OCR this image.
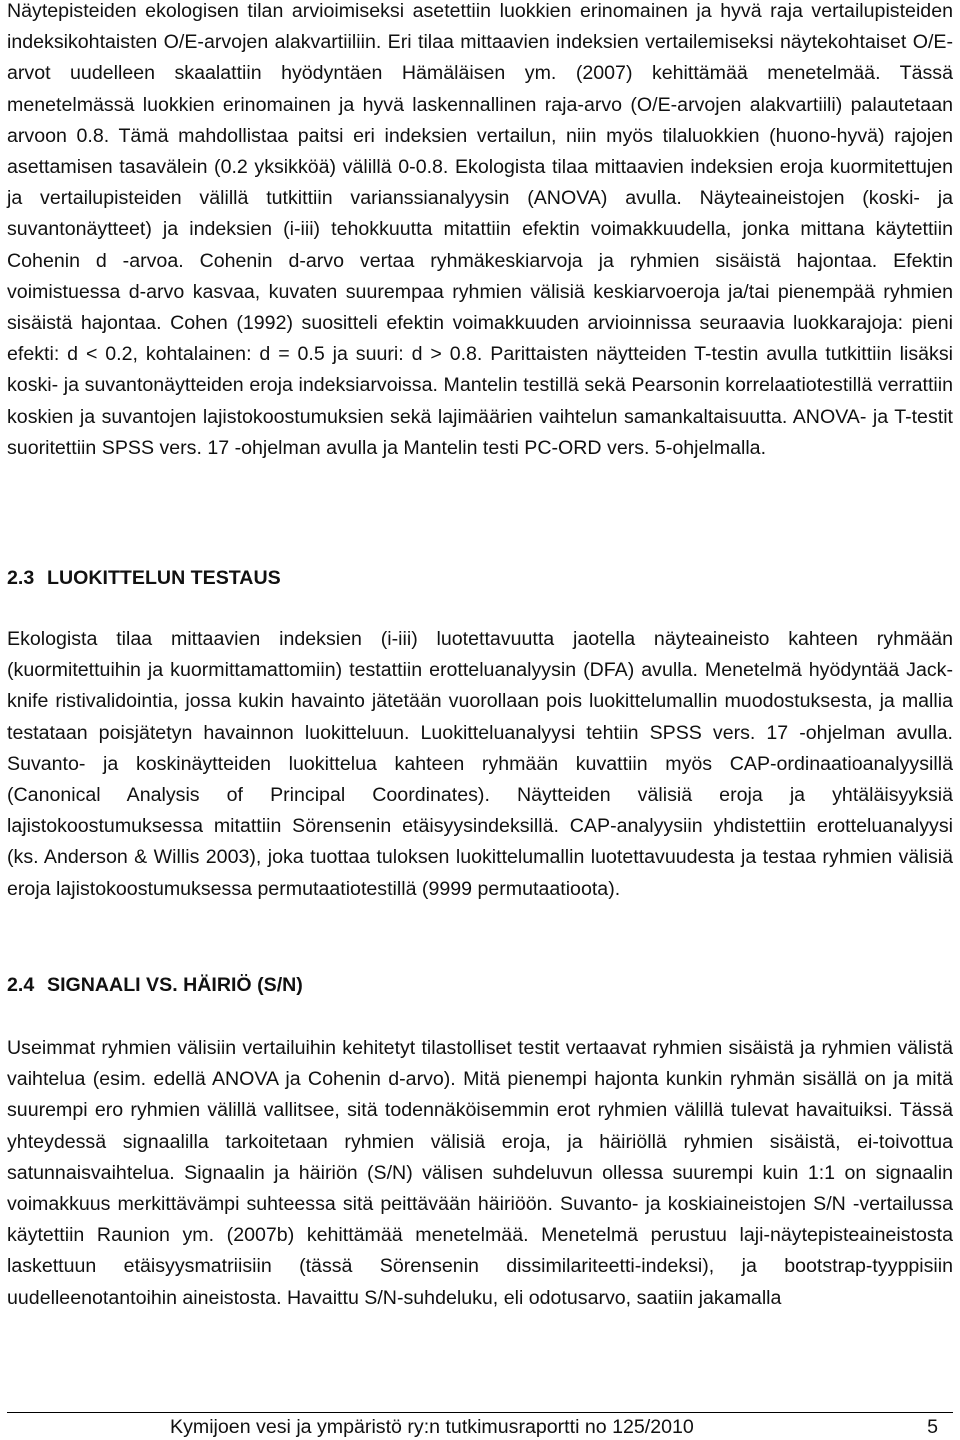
Näytepisteiden ekologisen tilan arvioimiseksi asetettiin luokkien erinomainen ja hyvä raja vertailupisteiden indeksikohtaisten O/E-arvojen alakvartiiliin. Eri tilaa mittaavien indeksien vertailemiseksi näytekohtaiset O/E-arvot uudelleen skaalattiin hyödyntäen Hämäläisen ym. (2007) kehittämää menetelmää. Tässä menetelmässä luokkien erinomainen ja hyvä laskennallinen raja-arvo (O/E-arvojen alakvartiili) palautetaan arvoon 0.8. Tämä mahdollistaa paitsi eri indeksien vertailun, niin myös tilaluokkien (huono-hyvä) rajojen asettamisen tasavälein (0.2 yksikköä) välillä 0-0.8. Ekologista tilaa mittaavien indeksien eroja kuormitettujen ja vertailupisteiden välillä tutkittiin varianssianalyysin (ANOVA) avulla. Näyteaineistojen (koski- ja suvantonäytteet) ja indeksien (i-iii) tehokkuutta mitattiin efektin voimakkuudella, jonka mittana käytettiin Cohenin d -arvoa. Cohenin d-arvo vertaa ryhmäkeskiarvoja ja ryhmien sisäistä hajontaa. Efektin voimistuessa d-arvo kasvaa, kuvaten suurempaa ryhmien välisiä keskiarvoeroja ja/tai pienempää ryhmien sisäistä hajontaa. Cohen (1992) suositteli efektin voimakkuuden arvioinnissa seuraavia luokkarajoja: pieni efekti: d < 0.2, kohtalainen: d = 0.5 ja suuri: d > 0.8. Parittaisten näytteiden T-testin avulla tutkittiin lisäksi koski- ja suvantonäytteiden eroja indeksiarvoissa. Mantelin testillä sekä Pearsonin korrelaatiotestillä verrattiin koskien ja suvantojen lajistokoostumuksien sekä lajimäärien vaihtelun samankaltaisuutta. ANOVA- ja T-testit suoritettiin SPSS vers. 17 -ohjelman avulla ja Mantelin testi PC-ORD vers. 5-ohjelmalla.

2.3 LUOKITTELUN TESTAUS

Ekologista tilaa mittaavien indeksien (i-iii) luotettavuutta jaotella näyteaineisto kahteen ryhmään (kuormitettuihin ja kuormittamattomiin) testattiin erotteluanalyysin (DFA) avulla. Menetelmä hyödyntää Jack-knife ristivalidointia, jossa kukin havainto jätetään vuorollaan pois luokittelumallin muodostuksesta, ja mallia testataan poisjätetyn havainnon luokitteluun. Luokitteluanalyysi tehtiin SPSS vers. 17 -ohjelman avulla. Suvanto- ja koskinäytteiden luokittelua kahteen ryhmään kuvattiin myös CAP-ordinaatioanalyysillä (Canonical Analysis of Principal Coordinates). Näytteiden välisiä eroja ja yhtäläisyyksiä lajistokoostumuksessa mitattiin Sörensenin etäisyysindeksillä. CAP-analyysiin yhdistettiin erotteluanalyysi (ks. Anderson & Willis 2003), joka tuottaa tuloksen luokittelumallin luotettavuudesta ja testaa ryhmien välisiä eroja lajistokoostumuksessa permutaatiotestillä (9999 permutaatioota).

2.4 SIGNAALI VS. HÄIRIÖ (S/N)

Useimmat ryhmien välisiin vertailuihin kehitetyt tilastolliset testit vertaavat ryhmien sisäistä ja ryhmien välistä vaihtelua (esim. edellä ANOVA ja Cohenin d-arvo). Mitä pienempi hajonta kunkin ryhmän sisällä on ja mitä suurempi ero ryhmien välillä vallitsee, sitä todennäköisemmin erot ryhmien välillä tulevat havaituiksi. Tässä yhteydessä signaalilla tarkoitetaan ryhmien välisiä eroja, ja häiriöllä ryhmien sisäistä, ei-toivottua satunnaisvaihtelua. Signaalin ja häiriön (S/N) välisen suhdeluvun ollessa suurempi kuin 1:1 on signaalin voimakkuus merkittävämpi suhteessa sitä peittävään häiriöön. Suvanto- ja koskiaineistojen S/N -vertailussa käytettiin Raunion ym. (2007b) kehittämää menetelmää. Menetelmä perustuu laji-näytepisteaineistosta laskettuun etäisyysmatriisiin (tässä Sörensenin dissimilariteetti-indeksi), ja bootstrap-tyyppisiin uudelleenotantoihin aineistosta. Havaittu S/N-suhdeluku, eli odotusarvo, saatiin jakamalla

Kymijoen vesi ja ympäristö ry:n tutkimusraportti no 125/2010	5
